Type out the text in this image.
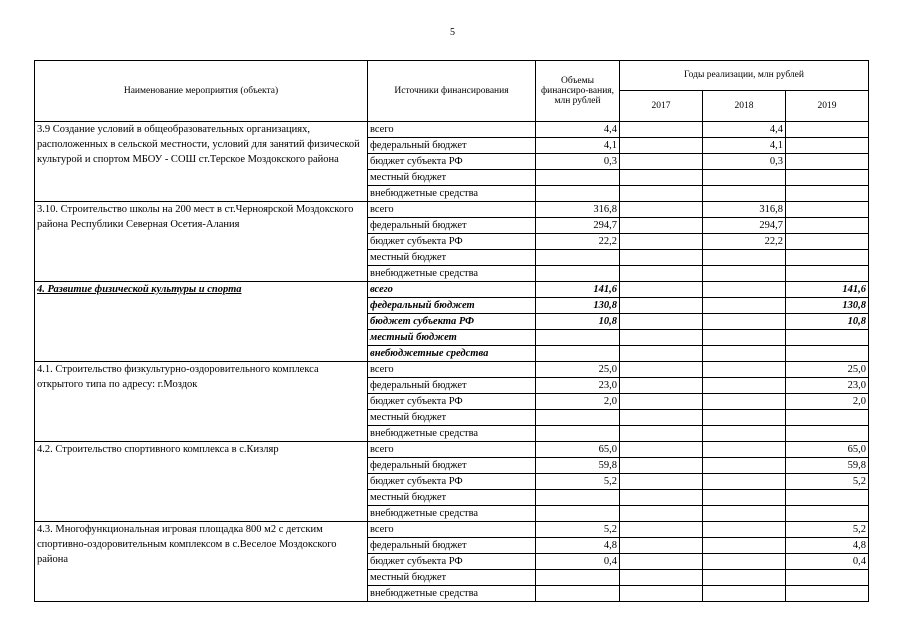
5
Наименование мероприятия (объекта)	Источники финансирования	Объемы финансиро-вания, млн рублей	Годы реализации, млн рублей		
			2017	2018	2019
3.9 Создание условий в общеобразовательных организациях, расположенных в сельской местности, условий для занятий физической культурой и спортом МБОУ - СОШ ст.Терское Моздокского района	всего	4,4		4,4	
	федеральный бюджет	4,1		4,1	
	бюджет субъекта РФ	0,3		0,3	
	местный бюджет				
	внебюджетные средства				
3.10. Строительство школы на 200 мест в ст.Черноярской Моздокского района Республики Северная Осетия-Алания	всего	316,8		316,8	
	федеральный бюджет	294,7		294,7	
	бюджет субъекта РФ	22,2		22,2	
	местный бюджет				
	внебюджетные средства				
4. Развитие физической культуры и спорта	всего	141,6			141,6
	федеральный бюджет	130,8			130,8
	бюджет субъекта РФ	10,8			10,8
	местный бюджет				
	внебюджетные средства				
4.1. Строительство физкультурно-оздоровительного комплекса открытого типа по адресу: г.Моздок	всего	25,0			25,0
	федеральный бюджет	23,0			23,0
	бюджет субъекта РФ	2,0			2,0
	местный бюджет				
	внебюджетные средства				
4.2. Строительство спортивного комплекса в с.Кизляр	всего	65,0			65,0
	федеральный бюджет	59,8			59,8
	бюджет субъекта РФ	5,2			5,2
	местный бюджет				
	внебюджетные средства				
4.3. Многофункциональная игровая площадка 800 м2 с детским спортивно-оздоровительным комплексом в с.Веселое Моздокского района	всего	5,2			5,2
	федеральный бюджет	4,8			4,8
	бюджет субъекта РФ	0,4			0,4
	местный бюджет				
	внебюджетные средства				
